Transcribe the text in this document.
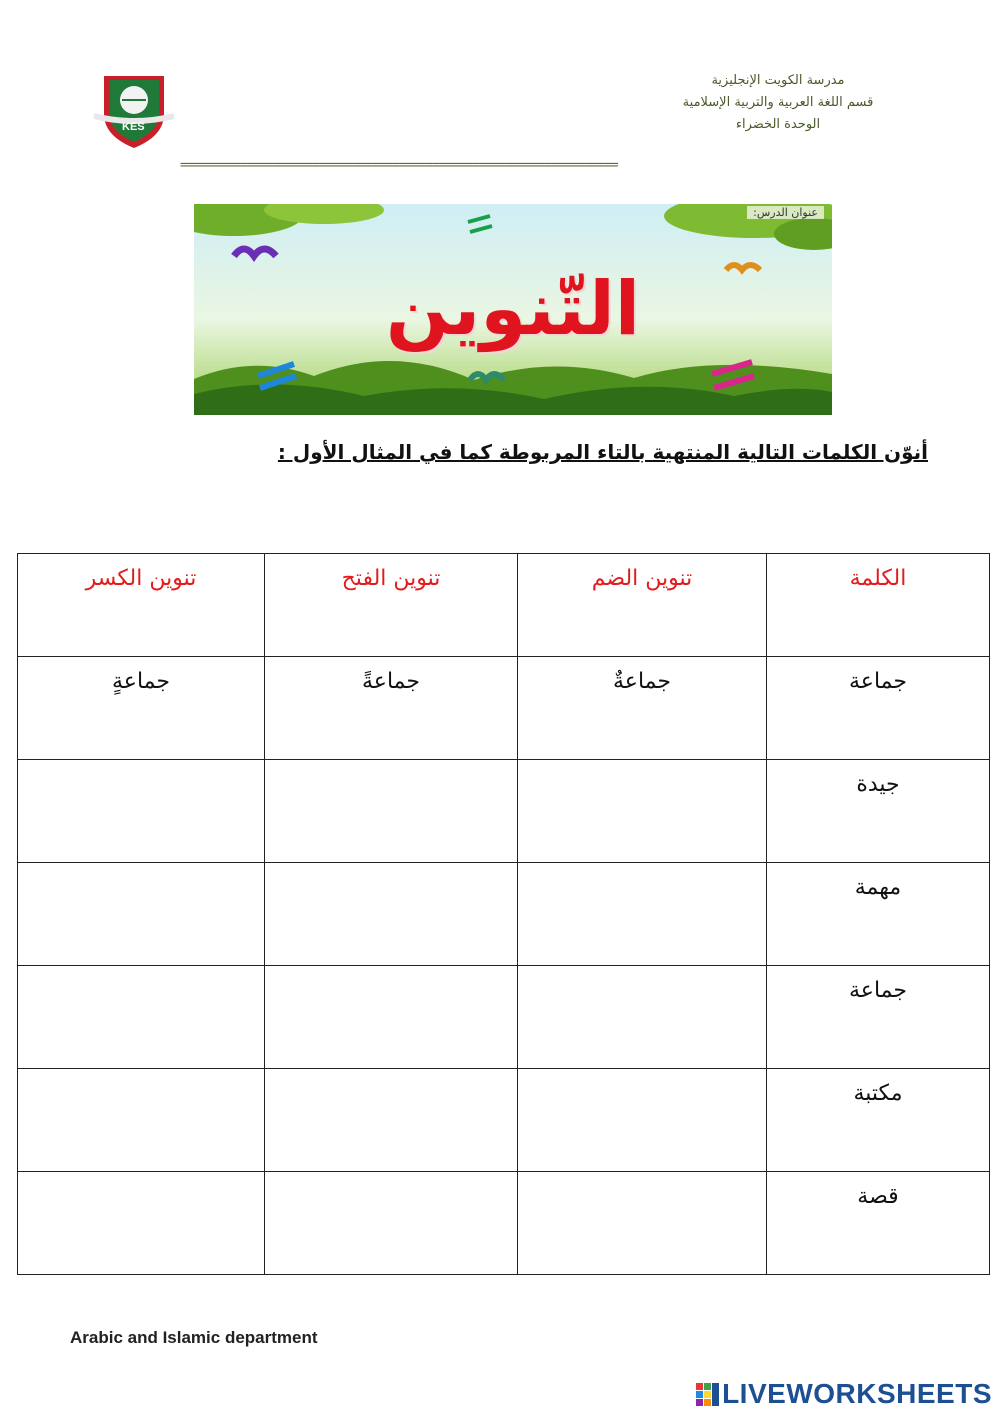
KES
مدرسة الكويت الإنجليزية
قسم اللغة العربية والتربية الإسلامية
الوحدة الخضراء
==================================================================
عنوان الدرس:
التّنوين
أنوّن الكلمات التالية المنتهية بالتاء المربوطة كما في المثال الأول :
الكلمة	تنوين الضم	تنوين الفتح	تنوين الكسر
جماعة	جماعةٌ	جماعةً	جماعةٍ
جيدة			
مهمة			
جماعة			
مكتبة			
قصة			
Arabic and Islamic department
LIVEWORKSHEETS
